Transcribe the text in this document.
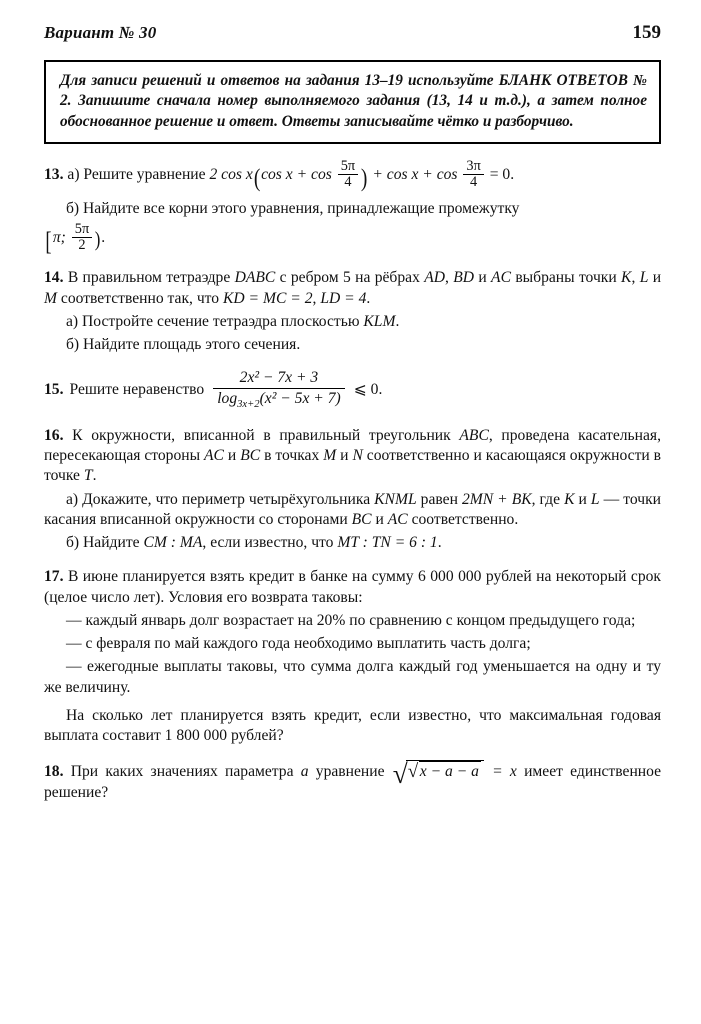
Вариант № 30	159
Для записи решений и ответов на задания 13–19 используйте БЛАНК ОТВЕТОВ № 2. Запишите сначала номер выполняемого задания (13, 14 и т.д.), а затем полное обоснованное решение и ответ. Ответы записывайте чётко и разборчиво.
13. а) Решите уравнение 2 cos x(cos $x + \cos \frac{5\pi}{4}$ ) + $\cos x + \cos \frac{3\pi}{4} = 0$.
б) Найдите все корни этого уравнения, принадлежащие промежутку
[π; $\frac{5\pi}{2}$ ).
14. В правильном тетраэдре DABC с ребром 5 на рёбрах AD, BD и AC выбраны точки K, L и M соответственно так, что KD = MC = 2, LD = 4.
а) Постройте сечение тетраэдра плоскостью KLM.
б) Найдите площадь этого сечения.
15. Решите неравенство
2x² − 7x + 3
$\log_{3x+2}(x^2 - 5x + 7)$
⩽ 0.
16. К окружности, вписанной в правильный треугольник ABC, проведена касательная, пересекающая стороны AC и BC в точках M и N соответственно и касающаяся окружности в точке T.
а) Докажите, что периметр четырёхугольника KNML равен 2MN + BK, где K и L — точки касания вписанной окружности со сторонами BC и AC соответственно.
б) Найдите CM : MA, если известно, что MT : TN = 6 : 1.
17. В июне планируется взять кредит в банке на сумму 6 000 000 рублей на некоторый срок (целое число лет). Условия его возврата таковы:
— каждый январь долг возрастает на 20% по сравнению с концом предыдущего года;
— с февраля по май каждого года необходимо выплатить часть долга;
— ежегодные выплаты таковы, что сумма долга каждый год уменьшается на одну и ту же величину.
На сколько лет планируется взять кредит, если известно, что максимальная годовая выплата составит 1 800 000 рублей?
18. При каких значениях параметра a уравнение √ √ x − a − a = x имеет единственное решение?
